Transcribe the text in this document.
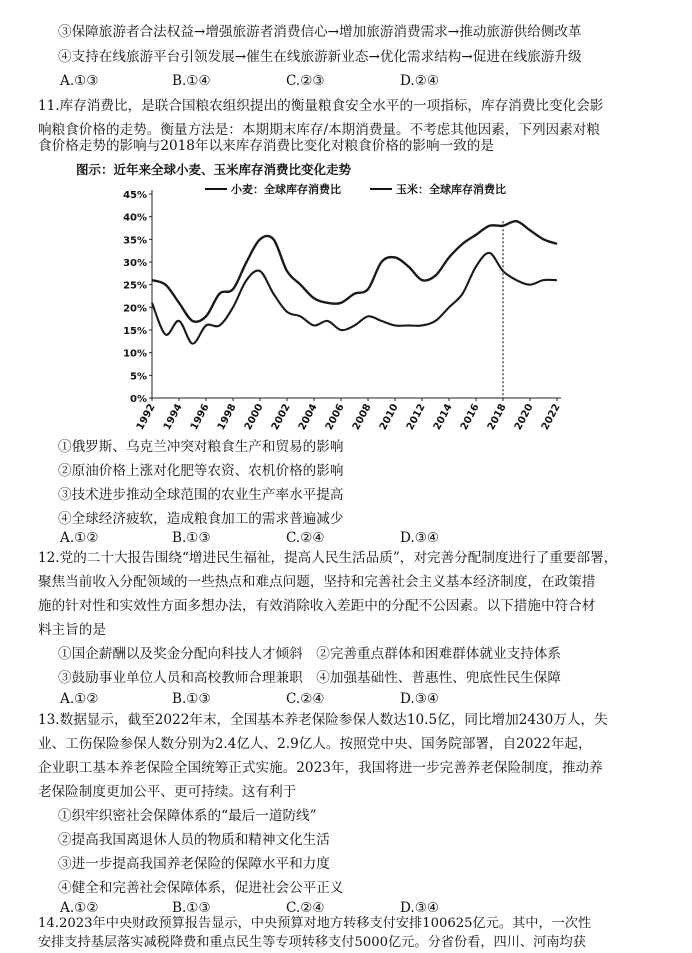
③保障旅游者合法权益→增强旅游者消费信心→增加旅游消费需求→推动旅游供给侧改革
④支持在线旅游平台引领发展→催生在线旅游新业态→优化需求结构→促进在线旅游升级
A.①③	B.①④	C.②③	D.②④
11.库存消费比，是联合国粮农组织提出的衡量粮食安全水平的一项指标，库存消费比变化会影
响粮食价格的走势。衡量方法是：本期期末库存/本期消费量。不考虑其他因素，下列因素对粮
食价格走势的影响与2018年以来库存消费比变化对粮食价格的影响一致的是
图示：近年来全球小麦、玉米库存消费比变化走势
小麦：全球库存消费比	玉米：全球库存消费比
0%
5%
10%
15%
20%
25%
30%
35%
40%
45%
1992 1994 1996 1998 2000 2002 2004 2006 2008 2010 2012 2014 2016 2018 2020 2022
①俄罗斯、乌克兰冲突对粮食生产和贸易的影响
②原油价格上涨对化肥等农资、农机价格的影响
③技术进步推动全球范围的农业生产率水平提高
④全球经济疲软，造成粮食加工的需求普遍减少
A.①②	B.①③	C.②④	D.③④
12.党的二十大报告围绕“增进民生福祉，提高人民生活品质”，对完善分配制度进行了重要部署，
聚焦当前收入分配领域的一些热点和难点问题，坚持和完善社会主义基本经济制度，在政策措
施的针对性和实效性方面多想办法，有效消除收入差距中的分配不公因素。以下措施中符合材
料主旨的是
①国企薪酬以及奖金分配向科技人才倾斜　②完善重点群体和困难群体就业支持体系
③鼓励事业单位人员和高校教师合理兼职　④加强基础性、普惠性、兜底性民生保障
A.①②	B.①③	C.②④	D.③④
13.数据显示，截至2022年末，全国基本养老保险参保人数达10.5亿，同比增加2430万人，失
业、工伤保险参保人数分别为2.4亿人、2.9亿人。按照党中央、国务院部署，自2022年起，
企业职工基本养老保险全国统筹正式实施。2023年，我国将进一步完善养老保险制度，推动养
老保险制度更加公平、更可持续。这有利于
①织牢织密社会保障体系的“最后一道防线”
②提高我国离退休人员的物质和精神文化生活
③进一步提高我国养老保险的保障水平和力度
④健全和完善社会保障体系，促进社会公平正义
A.①②	B.①③	C.②④	D.③④
14.2023年中央财政预算报告显示，中央预算对地方转移支付安排100625亿元。其中，一次性
安排支持基层落实减税降费和重点民生等专项转移支付5000亿元。分省份看，四川、河南均获
